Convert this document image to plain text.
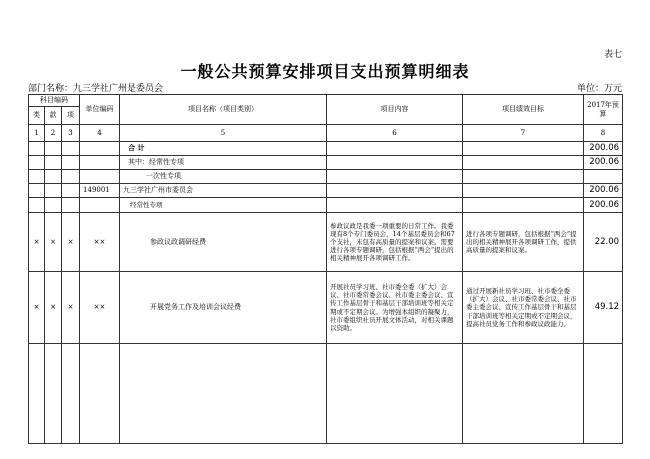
表七
一般公共预算安排项目支出预算明细表
部门名称：九三学社广州是委员会	单位：万元
科目编码			单位编码	项目名称（项目类别）	项目内容	项目绩效目标	2017年预算
类	款	项					
1	2	3	4	5	6	7	8
				合 计			200.06
				其中：经常性专项			200.06
				一次性专项			
			149001	九三学社广州市委员会			200.06
				经常性专项			200.06
×	×	×	××	参政议政调研经费	参政议政是我委一项重要的日常工作。我委现有8个专门委员会，14个基层委员会和67个支社，未包有高质量的提案和议案。需要进行各项专题调研，包括根据“两会”提出的相关精神展开各项调研工作。	进行各项专题调研，包括根据“两会”提出的相关精神展开各项调研工作，提供高质量的提案和议案。	22.00
×	×	×	××	开展党务工作及培训会议经费	开展社员学习班、社市委全委（扩大）会议、社市委常委会议、社市委主委会议、宣传工作基层骨干和基层干部培训班等相关定期或不定期会议。为增强本组织的凝聚力，社市委组织社员开展文体活动，对相关课题以资助。	通过开展新社员学习班、社市委全委（扩大）会议、社市委常委会议、社市委主委会议、宣传工作基层骨干和基层干部培训班等相关定期或不定期会议，提高社员党务工作和参政议政能力。	49.12
